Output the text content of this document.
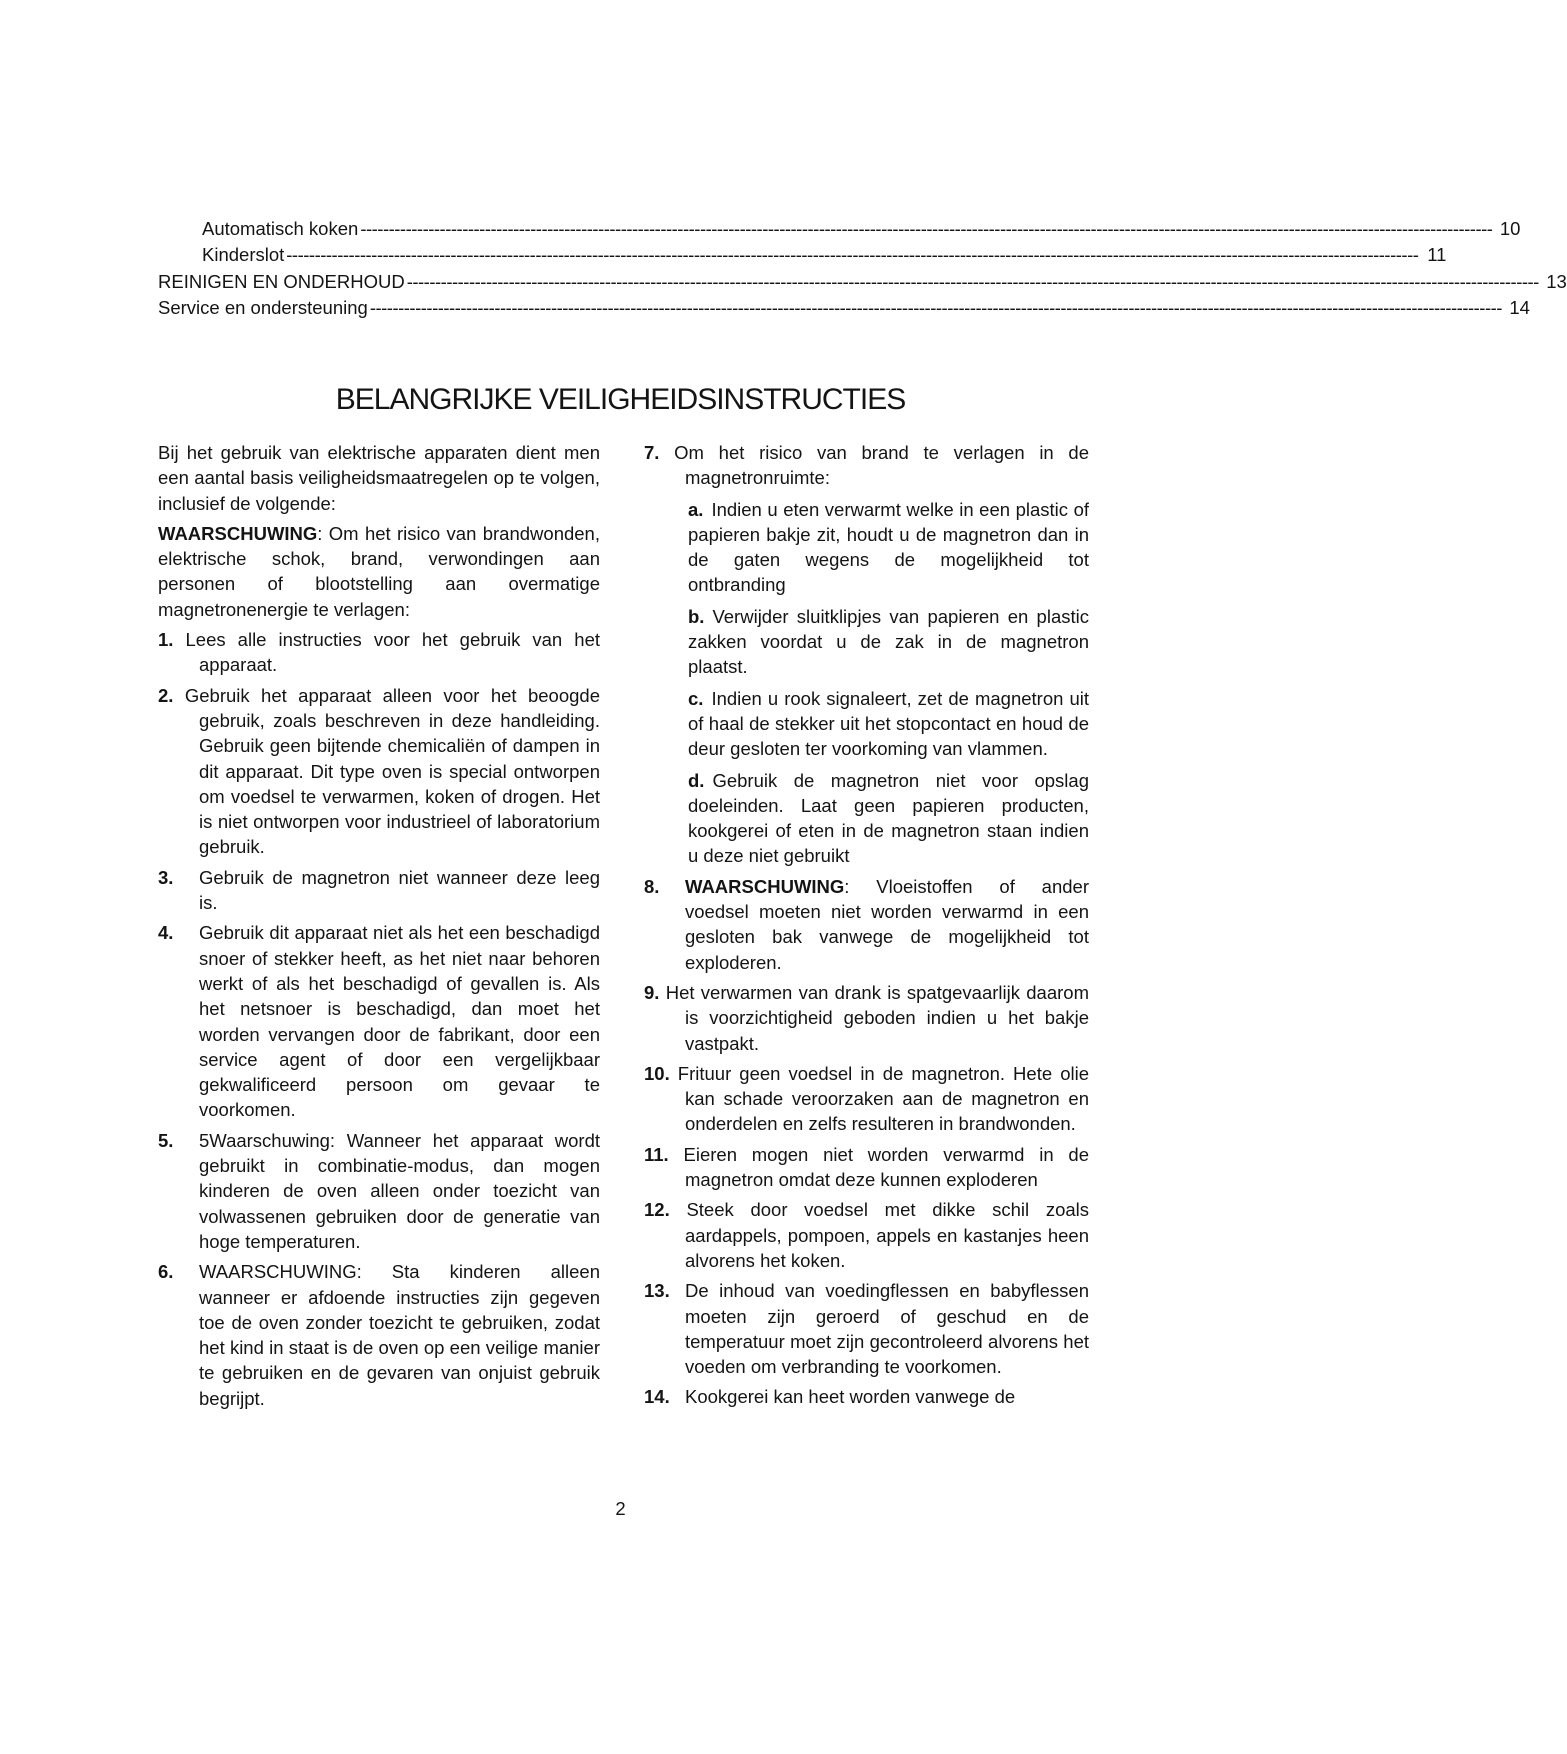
Automatisch koken -------------------------------------------------------------------------------------------------------------------------------------------------------------------------------------------------------- 10
Kinderslot -------------------------------------------------------------------------------------------------------------------------------------------------------------------------------------------------------- 11
REINIGEN EN ONDERHOUD -------------------------------------------------------------------------------------------------------------------------------------------------------------------------------------------------------- 13
Service en ondersteuning -------------------------------------------------------------------------------------------------------------------------------------------------------------------------------------------------------- 14
BELANGRIJKE VEILIGHEIDSINSTRUCTIES

Bij het gebruik van elektrische apparaten dient men een aantal basis veiligheidsmaatregelen op te volgen, inclusief de volgende:

WAARSCHUWING: Om het risico van brandwonden, elektrische schok, brand, verwondingen aan personen of blootstelling aan overmatige magnetronenergie te verlagen:

1. Lees alle instructies voor het gebruik van het apparaat.
2. Gebruik het apparaat alleen voor het beoogde gebruik, zoals beschreven in deze handleiding. Gebruik geen bijtende chemicaliën of dampen in dit apparaat. Dit type oven is special ontworpen om voedsel te verwarmen, koken of drogen. Het is niet ontworpen voor industrieel of laboratorium gebruik.
3. Gebruik de magnetron niet wanneer deze leeg is.
4. Gebruik dit apparaat niet als het een beschadigd snoer of stekker heeft, as het niet naar behoren werkt of als het beschadigd of gevallen is. Als het netsnoer is beschadigd, dan moet het worden vervangen door de fabrikant, door een service agent of door een vergelijkbaar gekwalificeerd persoon om gevaar te voorkomen.
5. 5Waarschuwing: Wanneer het apparaat wordt gebruikt in combinatie-modus, dan mogen kinderen de oven alleen onder toezicht van volwassenen gebruiken door de generatie van hoge temperaturen.
6. WAARSCHUWING: Sta kinderen alleen wanneer er afdoende instructies zijn gegeven toe de oven zonder toezicht te gebruiken, zodat het kind in staat is de oven op een veilige manier te gebruiken en de gevaren van onjuist gebruik begrijpt.
7. Om het risico van brand te verlagen in de magnetronruimte:

a. Indien u eten verwarmt welke in een plastic of papieren bakje zit, houdt u de magnetron dan in de gaten wegens de mogelijkheid tot ontbranding

b. Verwijder sluitklipjes van papieren en plastic zakken voordat u de zak in de magnetron plaatst.

c. Indien u rook signaleert, zet de magnetron uit of haal de stekker uit het stopcontact en houd de deur gesloten ter voorkoming van vlammen.

d. Gebruik de magnetron niet voor opslag doeleinden. Laat geen papieren producten, kookgerei of eten in de magnetron staan indien u deze niet gebruikt

8. WAARSCHUWING: Vloeistoffen of ander voedsel moeten niet worden verwarmd in een gesloten bak vanwege de mogelijkheid tot exploderen.
9. Het verwarmen van drank is spatgevaarlijk daarom is voorzichtigheid geboden indien u het bakje vastpakt.
10. Frituur geen voedsel in de magnetron. Hete olie kan schade veroorzaken aan de magnetron en onderdelen en zelfs resulteren in brandwonden.
11. Eieren mogen niet worden verwarmd in de magnetron omdat deze kunnen exploderen
12. Steek door voedsel met dikke schil zoals aardappels, pompoen, appels en kastanjes heen alvorens het koken.
13. De inhoud van voedingflessen en babyflessen moeten zijn geroerd of geschud en de temperatuur moet zijn gecontroleerd alvorens het voeden om verbranding te voorkomen.
14. Kookgerei kan heet worden vanwege de
2
